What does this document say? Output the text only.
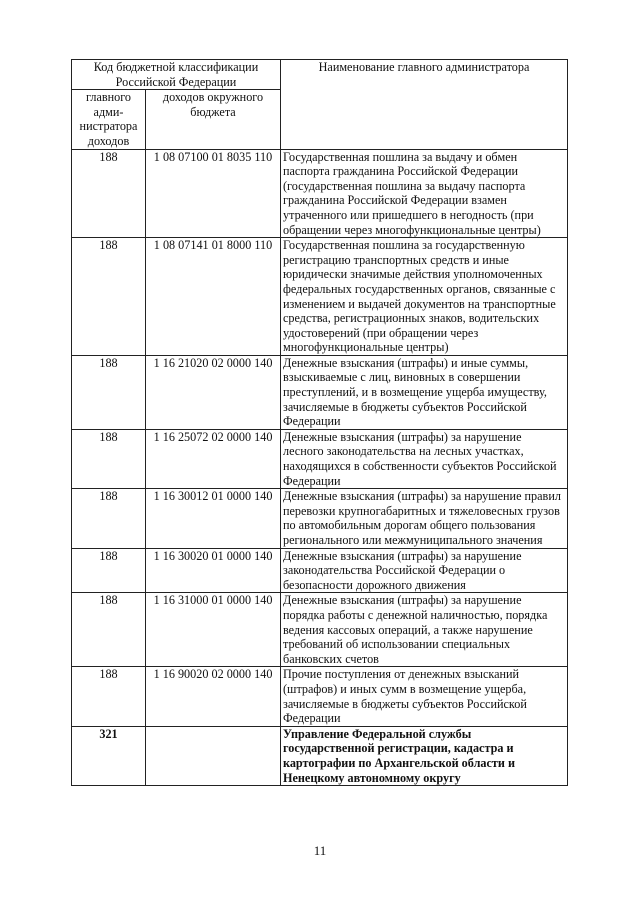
Код бюджетной классификации Российской Федерации		Наименование главного администратора
главного адми-нистратора доходов	доходов окружного бюджета	
188	1 08 07100 01 8035 110	Государственная пошлина за выдачу и обмен паспорта гражданина Российской Федерации (государственная пошлина за выдачу паспорта гражданина Российской Федерации взамен утраченного или пришедшего в негодность (при обращении через многофункциональные центры)
188	1 08 07141 01 8000 110	Государственная пошлина за государственную регистрацию транспортных средств и иные юридически значимые действия уполномоченных федеральных государственных органов, связанные с изменением и выдачей документов на транспортные средства, регистрационных знаков, водительских удостоверений (при обращении через многофункциональные центры)
188	1 16 21020 02 0000 140	Денежные взыскания (штрафы) и иные суммы, взыскиваемые с лиц, виновных в совершении преступлений, и в возмещение ущерба имуществу, зачисляемые в бюджеты субъектов Российской Федерации
188	1 16 25072 02 0000 140	Денежные взыскания (штрафы) за нарушение лесного законодательства на лесных участках, находящихся в собственности субъектов Российской Федерации
188	1 16 30012 01 0000 140	Денежные взыскания (штрафы) за нарушение правил перевозки крупногабаритных и тяжеловесных грузов по автомобильным дорогам общего пользования регионального или межмуниципального значения
188	1 16 30020 01 0000 140	Денежные взыскания (штрафы) за нарушение законодательства Российской Федерации о безопасности дорожного движения
188	1 16 31000 01 0000 140	Денежные взыскания (штрафы) за нарушение порядка работы с денежной наличностью, порядка ведения кассовых операций, а также нарушение требований об использовании специальных банковских счетов
188	1 16 90020 02 0000 140	Прочие поступления от денежных взысканий (штрафов) и иных сумм в возмещение ущерба, зачисляемые в бюджеты субъектов Российской Федерации
321		Управление Федеральной службы государственной регистрации, кадастра и картографии по Архангельской области и Ненецкому автономному округу
11
